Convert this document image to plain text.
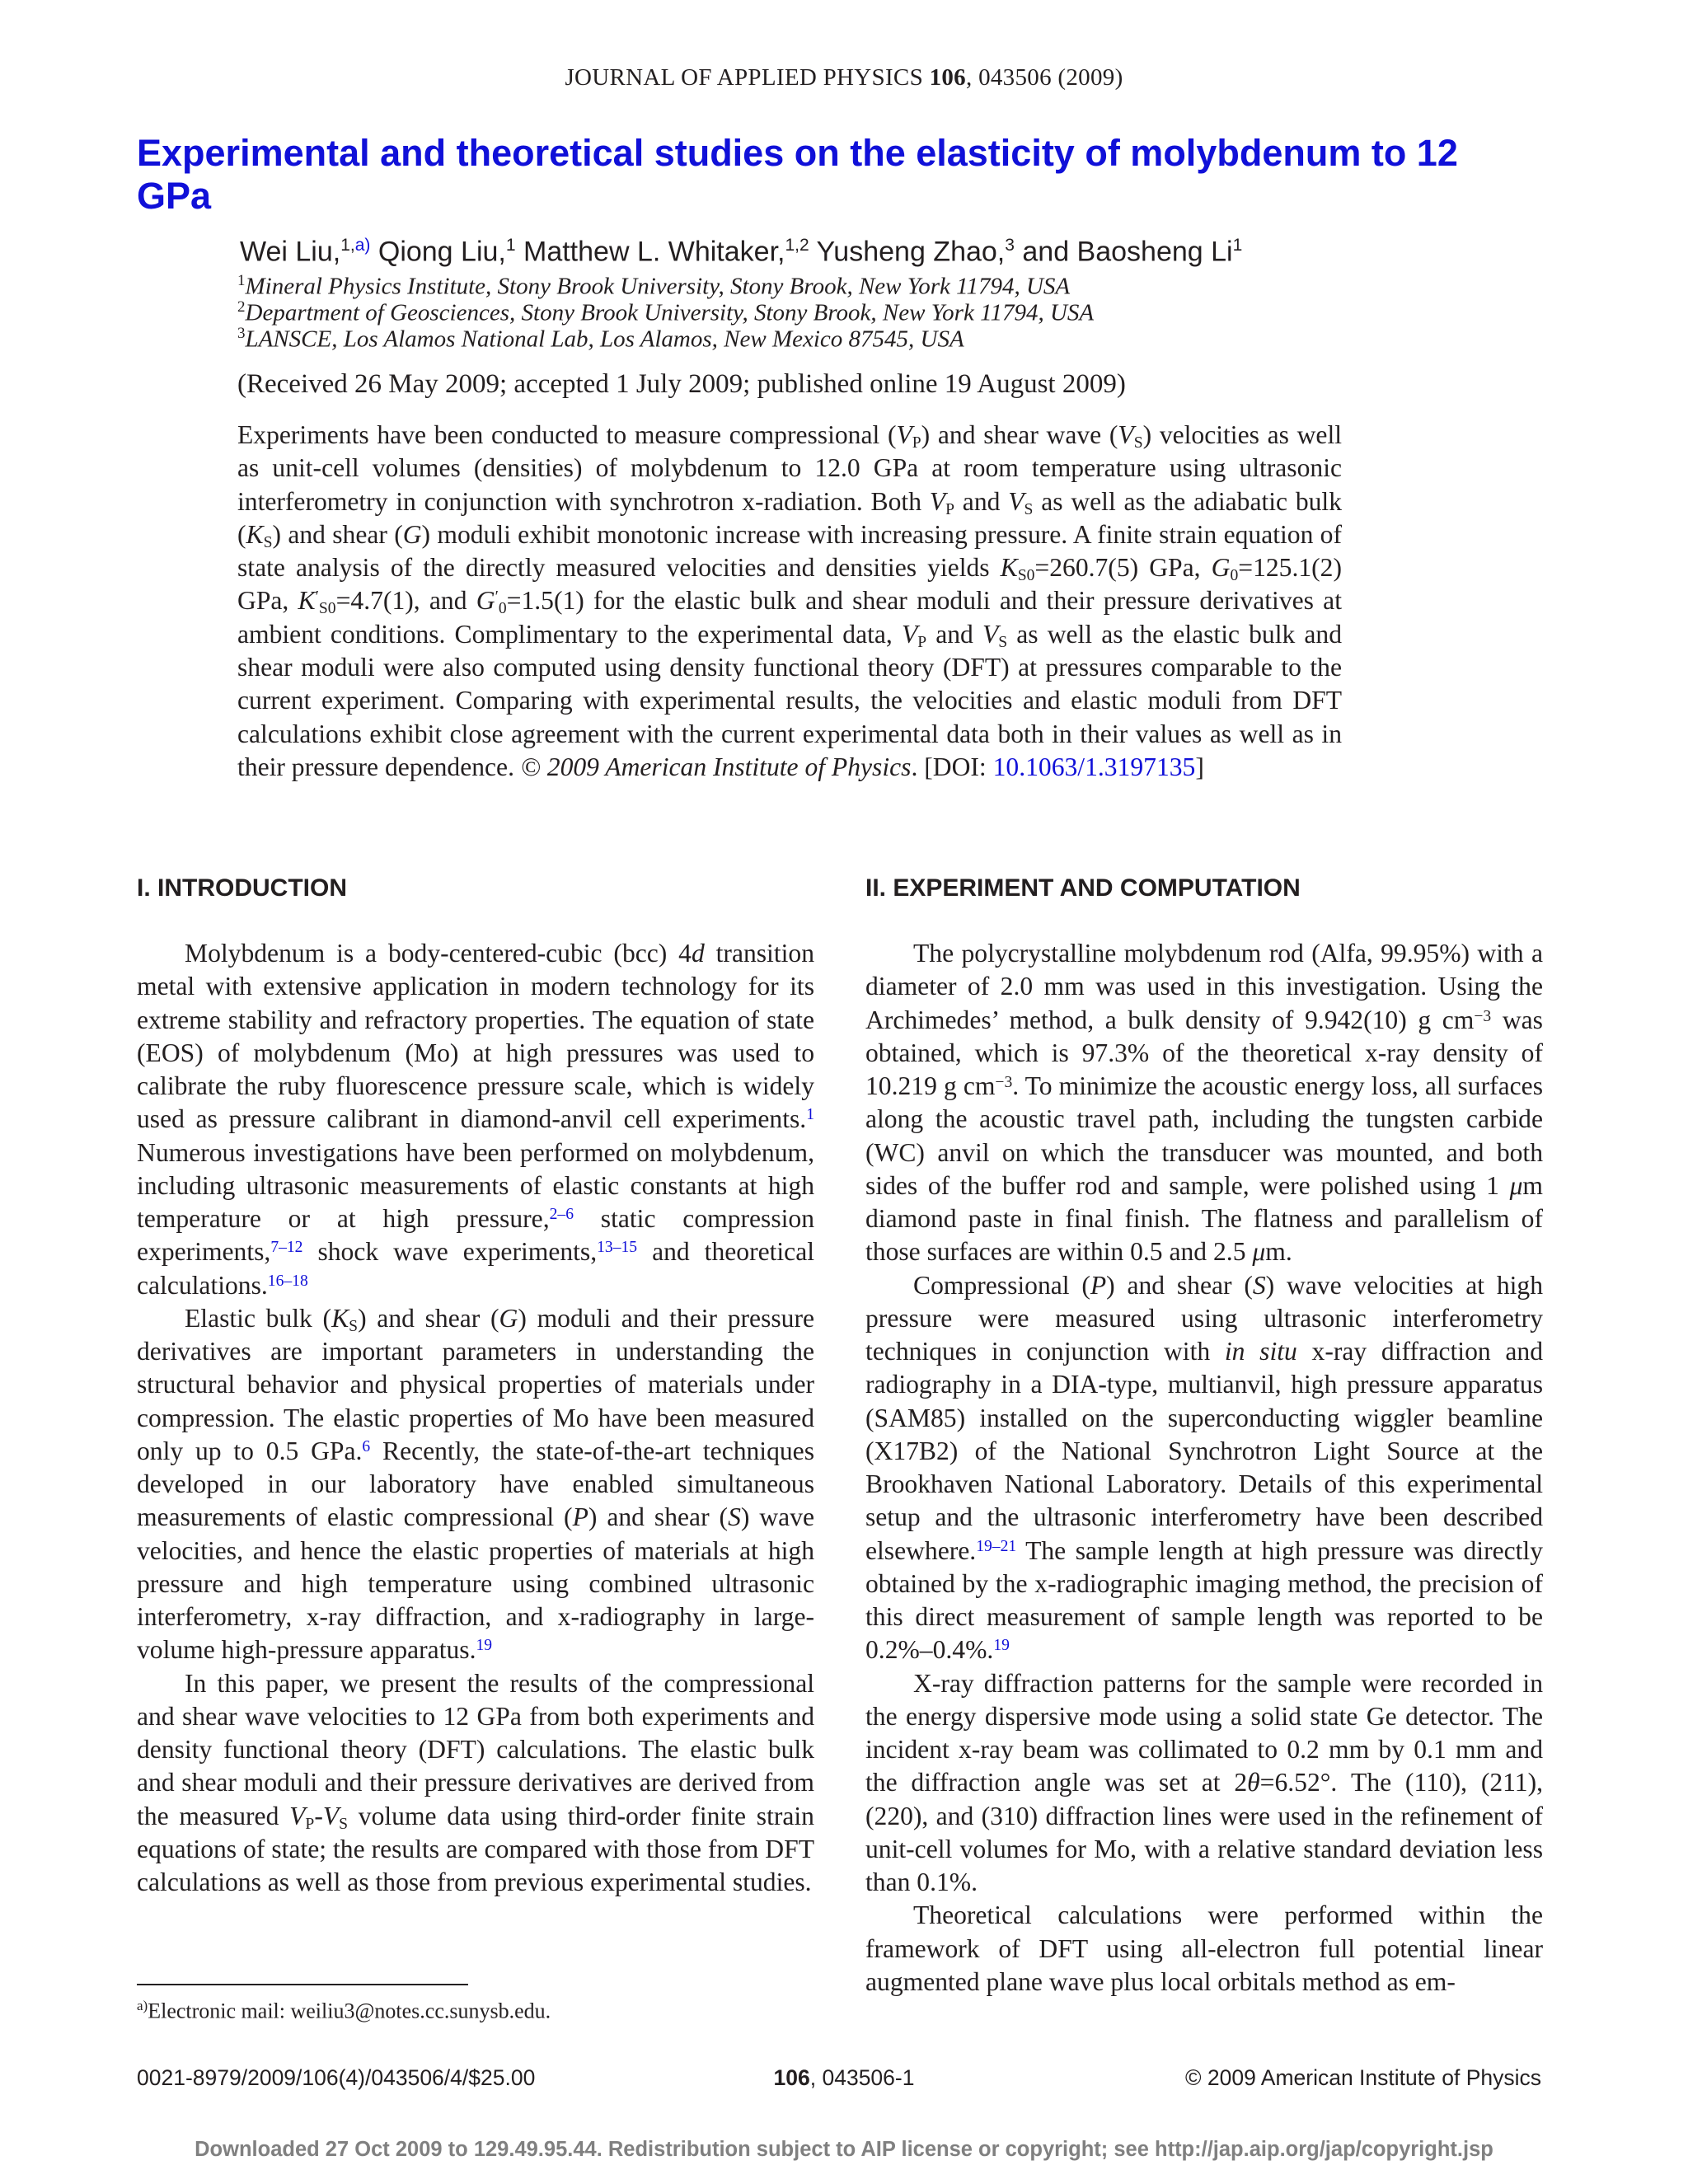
JOURNAL OF APPLIED PHYSICS 106, 043506 (2009)
Experimental and theoretical studies on the elasticity of molybdenum to 12 GPa
Wei Liu,$^{1,a)}$ Qiong Liu,$^1$ Matthew L. Whitaker,$^{1,2}$ Yusheng Zhao,$^3$ and Baosheng Li$^1$
$^1$Mineral Physics Institute, Stony Brook University, Stony Brook, New York 11794, USA
$^2$Department of Geosciences, Stony Brook University, Stony Brook, New York 11794, USA
$^3$LANSCE, Los Alamos National Lab, Los Alamos, New Mexico 87545, USA
(Received 26 May 2009; accepted 1 July 2009; published online 19 August 2009)
Experiments have been conducted to measure compressional $(V_P)$ and shear wave $(V_S)$ velocities as well as unit-cell volumes (densities) of molybdenum to 12.0 GPa at room temperature using ultrasonic interferometry in conjunction with synchrotron x-radiation. Both $V_P$ and $V_S$ as well as the adiabatic bulk $(K_S)$ and shear (G) moduli exhibit monotonic increase with increasing pressure. A finite strain equation of state analysis of the directly measured velocities and densities yields $K_{S0}=260.7(5)$ GPa, $G_0=125.1(2)$ GPa, $K'_{S0}=4.7(1)$, and $G'_0=1.5(1)$ for the elastic bulk and shear moduli and their pressure derivatives at ambient conditions. Complimentary to the experimental data, $V_P$ and $V_S$ as well as the elastic bulk and shear moduli were also computed using density functional theory (DFT) at pressures comparable to the current experiment. Comparing with experimental results, the velocities and elastic moduli from DFT calculations exhibit close agreement with the current experimental data both in their values as well as in their pressure dependence. © 2009 American Institute of Physics. [DOI: 10.1063/1.3197135]
I. INTRODUCTION	II. EXPERIMENT AND COMPUTATION

Molybdenum is a body-centered-cubic (bcc) 4d transition metal with extensive application in modern technology for its extreme stability and refractory properties. The equation of state (EOS) of molybdenum (Mo) at high pressures was used to calibrate the ruby fluorescence pressure scale, which is widely used as pressure calibrant in diamond-anvil cell experiments.$^1$ Numerous investigations have been performed on molybdenum, including ultrasonic measurements of elastic constants at high temperature or at high pressure,$^{2-6}$ static compression experiments,$^{7-12}$ shock wave experiments,$^{13-15}$ and theoretical calculations.$^{16-18}$

Elastic bulk $(K_S)$ and shear (G) moduli and their pressure derivatives are important parameters in understanding the structural behavior and physical properties of materials under compression. The elastic properties of Mo have been measured only up to 0.5 GPa.$^6$ Recently, the state-of-the-art techniques developed in our laboratory have enabled simultaneous measurements of elastic compressional (P) and shear (S) wave velocities, and hence the elastic properties of materials at high pressure and high temperature using combined ultrasonic interferometry, x-ray diffraction, and x-radiography in large-volume high-pressure apparatus.$^{19}$

In this paper, we present the results of the compressional and shear wave velocities to 12 GPa from both experiments and density functional theory (DFT) calculations. The elastic bulk and shear moduli and their pressure derivatives are derived from the measured $V_P-V_S$ volume data using third-order finite strain equations of state; the results are compared with those from DFT calculations as well as those from previous experimental studies.

The polycrystalline molybdenum rod (Alfa, 99.95%) with a diameter of 2.0 mm was used in this investigation. Using the Archimedes’ method, a bulk density of 9.942(10) g $cm^{-3}$ was obtained, which is 97.3% of the theoretical x-ray density of 10.219 g $cm^{-3}$. To minimize the acoustic energy loss, all surfaces along the acoustic travel path, including the tungsten carbide (WC) anvil on which the transducer was mounted, and both sides of the buffer rod and sample, were polished using 1 μm diamond paste in final finish. The flatness and parallelism of those surfaces are within 0.5 and 2.5 μm.

Compressional (P) and shear (S) wave velocities at high pressure were measured using ultrasonic interferometry techniques in conjunction with in situ x-ray diffraction and radiography in a DIA-type, multianvil, high pressure apparatus (SAM85) installed on the superconducting wiggler beamline (X17B2) of the National Synchrotron Light Source at the Brookhaven National Laboratory. Details of this experimental setup and the ultrasonic interferometry have been described elsewhere.$^{19-21}$ The sample length at high pressure was directly obtained by the x-radiographic imaging method, the precision of this direct measurement of sample length was reported to be 0.2%–0.4%.$^{19}$

X-ray diffraction patterns for the sample were recorded in the energy dispersive mode using a solid state Ge detector. The incident x-ray beam was collimated to 0.2 mm by 0.1 mm and the diffraction angle was set at 2θ=6.52°. The (110), (211), (220), and (310) diffraction lines were used in the refinement of unit-cell volumes for Mo, with a relative standard deviation less than 0.1%.

Theoretical calculations were performed within the framework of DFT using all-electron full potential linear augmented plane wave plus local orbitals method as em-

$^{a)}$Electronic mail: weiliu3@notes.cc.sunysb.edu.
0021-8979/2009/106(4)/043506/4/$25.00	106, 043506-1	© 2009 American Institute of Physics
Downloaded 27 Oct 2009 to 129.49.95.44. Redistribution subject to AIP license or copyright; see http://jap.aip.org/jap/copyright.jsp
